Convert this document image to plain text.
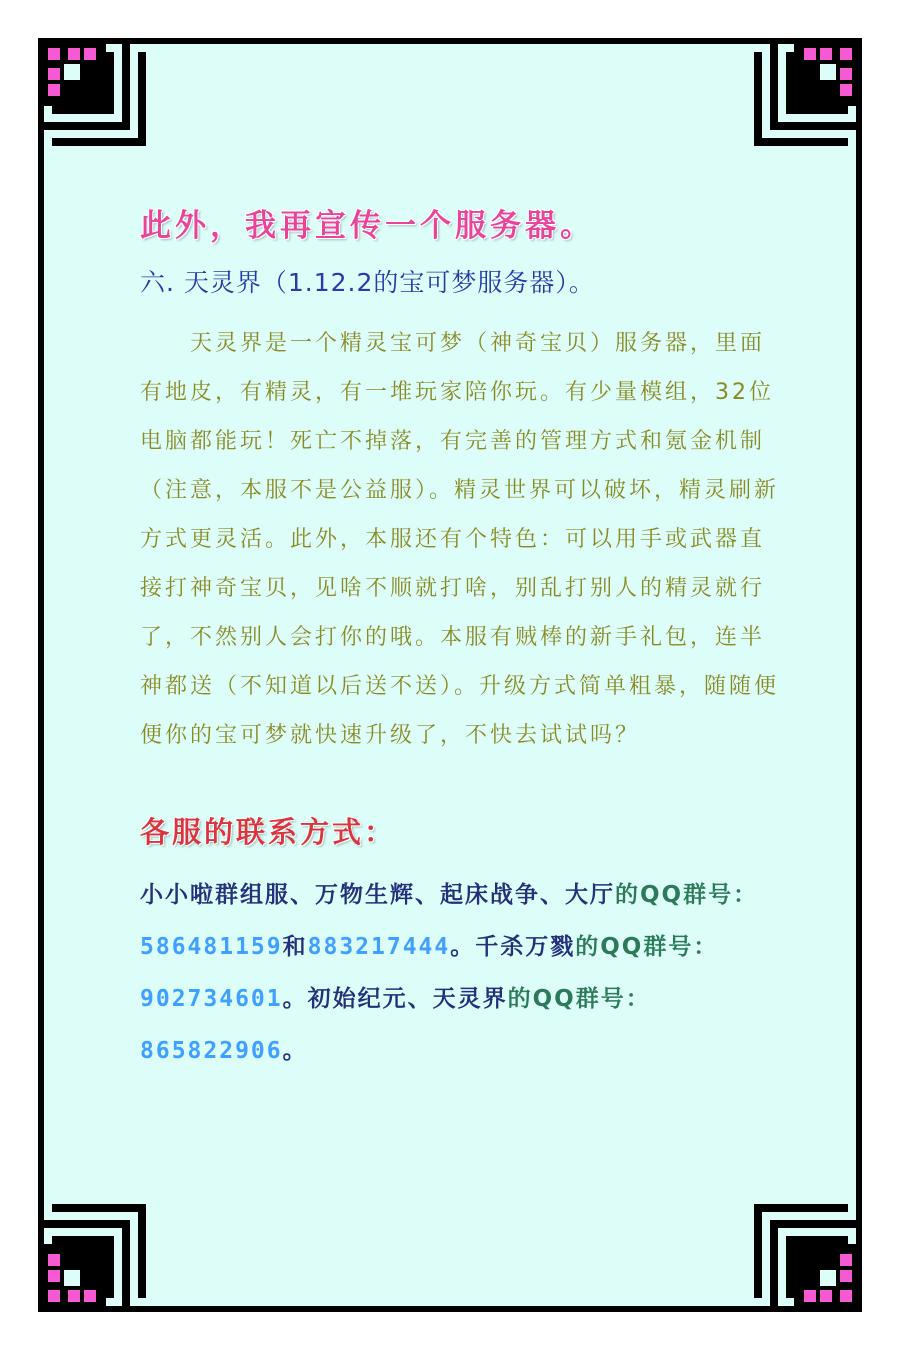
此外，我再宣传一个服务器。
六. 天灵界（1.12.2的宝可梦服务器）。
天灵界是一个精灵宝可梦（神奇宝贝）服务器，里面有地皮，有精灵，有一堆玩家陪你玩。有少量模组，32位电脑都能玩！死亡不掉落，有完善的管理方式和氪金机制（注意，本服不是公益服）。精灵世界可以破坏，精灵刷新方式更灵活。此外，本服还有个特色：可以用手或武器直接打神奇宝贝，见啥不顺就打啥，别乱打别人的精灵就行了，不然别人会打你的哦。本服有贼棒的新手礼包，连半神都送（不知道以后送不送）。升级方式简单粗暴，随随便便你的宝可梦就快速升级了，不快去试试吗？
各服的联系方式：
小小啦群组服、万物生辉、起床战争、大厅的QQ群号：586481159和883217444。千杀万戮的QQ群号：902734601。初始纪元、天灵界的QQ群号：865822906。
